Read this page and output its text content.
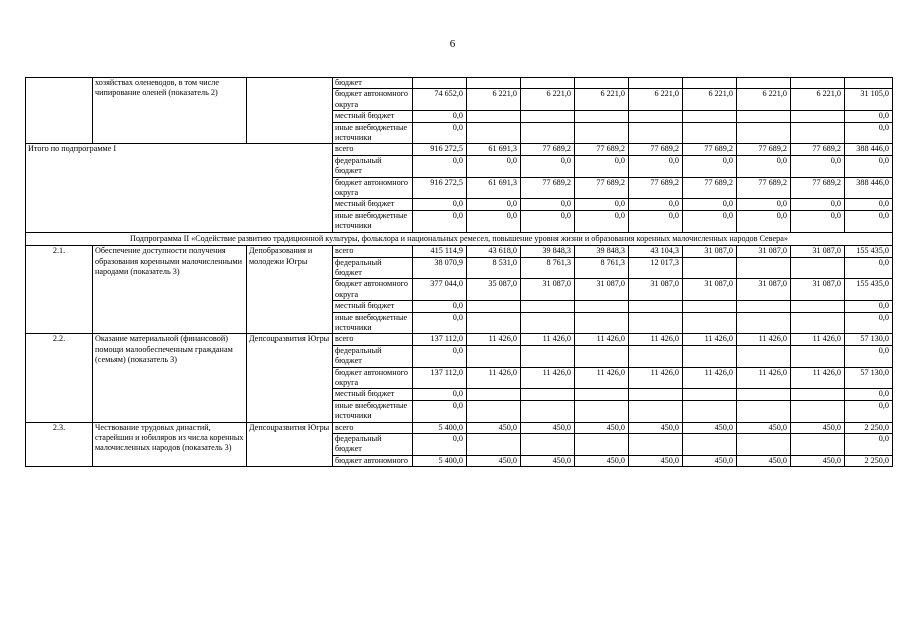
6
	хозяйствах оленеводов, в том числе чипирование оленей (показатель 2)		бюджет									
			бюджет автономного округа	74 652,0	6 221,0	6 221,0	6 221,0	6 221,0	6 221,0	6 221,0	6 221,0	31 105,0
			местный бюджет	0,0								0,0
			иные внебюджетные источники	0,0								0,0
Итого по подпрограмме I			всего	916 272,5	61 691,3	77 689,2	77 689,2	77 689,2	77 689,2	77 689,2	77 689,2	388 446,0
			федеральный бюджет	0,0	0,0	0,0	0,0	0,0	0,0	0,0	0,0	0,0
			бюджет автономного округа	916 272,5	61 691,3	77 689,2	77 689,2	77 689,2	77 689,2	77 689,2	77 689,2	388 446,0
			местный бюджет	0,0	0,0	0,0	0,0	0,0	0,0	0,0	0,0	0,0
			иные внебюджетные источники	0,0	0,0	0,0	0,0	0,0	0,0	0,0	0,0	0,0
Подпрограмма II «Содействие развитию традиционной культуры, фольклора и национальных ремесел, повышение уровня жизни и образования коренных малочисленных народов Севера»												
2.1.	Обеспечение доступности получения образования коренными малочисленными народами (показатель 3)	Депобразования и молодежи Югры	всего	415 114,9	43 618,0	39 848,3	39 848,3	43 104,3	31 087,0	31 087,0	31 087,0	155 435,0
			федеральный бюджет	38 070,9	8 531,0	8 761,3	8 761,3	12 017,3				0,0
			бюджет автономного округа	377 044,0	35 087,0	31 087,0	31 087,0	31 087,0	31 087,0	31 087,0	31 087,0	155 435,0
			местный бюджет	0,0								0,0
			иные внебюджетные источники	0,0								0,0
2.2.	Оказание материальной (финансовой) помощи малообеспеченным гражданам (семьям) (показатель 3)	Депсоцразвития Югры	всего	137 112,0	11 426,0	11 426,0	11 426,0	11 426,0	11 426,0	11 426,0	11 426,0	57 130,0
			федеральный бюджет	0,0								0,0
			бюджет автономного округа	137 112,0	11 426,0	11 426,0	11 426,0	11 426,0	11 426,0	11 426,0	11 426,0	57 130,0
			местный бюджет	0,0								0,0
			иные внебюджетные источники	0,0								0,0
2.3.	Чествование трудовых династий, старейшин и юбиляров из числа коренных малочисленных народов (показатель 3)	Депсоцразвития Югры	всего	5 400,0	450,0	450,0	450,0	450,0	450,0	450,0	450,0	2 250,0
			федеральный бюджет	0,0								0,0
			бюджет автономного	5 400,0	450,0	450,0	450,0	450,0	450,0	450,0	450,0	2 250,0
